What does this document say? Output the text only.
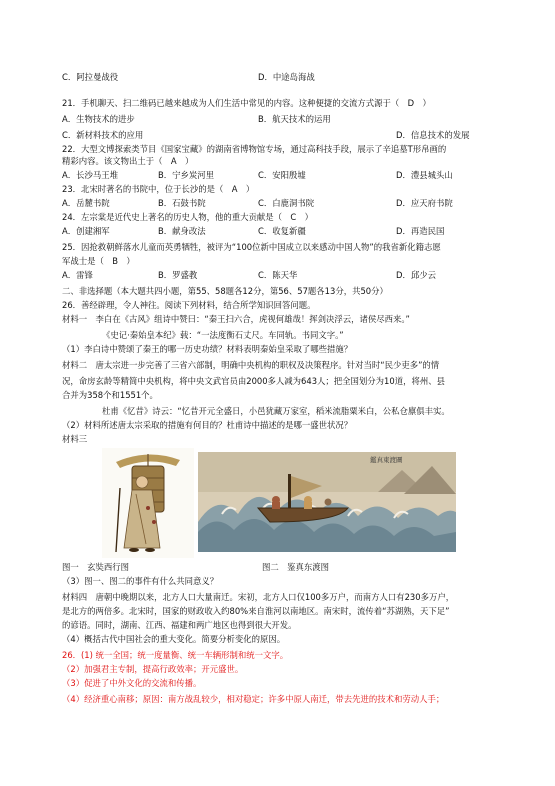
C．阿拉曼战役	D．中途岛海战
21．手机聊天、扫二维码已越来越成为人们生活中常见的内容。这种便捷的交流方式源于（　D　）
A．生物技术的进步	B．航天技术的运用
C．新材料技术的应用	D．信息技术的发展
22．大型文博探索类节目《国家宝藏》的湖南省博物馆专场，通过高科技手段，展示了辛追墓T形帛画的
精彩内容。该文物出土于（　A　）
A．长沙马王堆	B．宁乡炭河里	C．安阳殷墟	D．澧县城头山
23．北宋时著名的书院中，位于长沙的是（　A　）
A．岳麓书院	B．石鼓书院	C．白鹿洞书院	D．应天府书院
24．左宗棠是近代史上著名的历史人物，他的重大贡献是（　C　）
A．创建湘军	B．献身改法	C．收复新疆	D．再造民国
25．因抢救朝鲜落水儿童而英勇牺牲，被评为“100位新中国成立以来感动中国人物”的我省新化籍志愿
军战士是（　B　）
A．雷锋	B．罗盛教	C．陈天华	D．邱少云
二、非选择题（本大题共四小题，第55、58题各12分，第56、57题各13分，共50分）
26．善经辟理，令人神往。阅读下列材料，结合所学知识回答问题。
材料一　李白在《古风》组诗中赞曰：“秦王扫六合，虎视何雄哉！挥剑决浮云，诸侯尽西来。”
《史记·秦始皇本纪》载：“一法度衡石丈尺。车同轨。书同文字。”
（1）李白诗中赞颂了秦王的哪一历史功绩？材料表明秦始皇采取了哪些措施？
材料二　唐太宗进一步完善了三省六部制，明确中央机构的职权及决策程序。针对当时“民少吏多”的情
况，命房玄龄等精简中央机构，将中央文武官员由2000多人减为643人；把全国划分为10道，将州、县
合并为358个和1551个。
杜甫《忆昔》诗云：“忆昔开元全盛日，小邑犹藏万家室，稻米流脂粟米白，公私仓廪俱丰实。
（2）材料所述唐太宗采取的措施有何目的？杜甫诗中描述的是哪一盛世状况？
材料三
鑑真東渡圖
图一　玄奘西行图	图二　鉴真东渡图
（3）图一、图二的事件有什么共同意义？
材料四　唐朝中晚期以来，北方人口大量南迁。宋初，北方人口仅100多万户，而南方人口有230多万户，
是北方的两倍多。北宋时，国家的财政收入约80%来自淮河以南地区。南宋时，流传着“苏湖熟，天下足”
的谚语。同时，湖南、江西、福建和两广地区也得到很大开发。
（4）概括古代中国社会的重大变化。简要分析变化的原因。
26．(1) 统一全国；统一度量衡、统一车辆形制和统一文字。
（2）加强君主专制，提高行政效率；开元盛世。
（3）促进了中外文化的交流和传播。
（4）经济重心南移；原因：南方战乱较少，相对稳定；许多中原人南迁，带去先进的技术和劳动人手；
